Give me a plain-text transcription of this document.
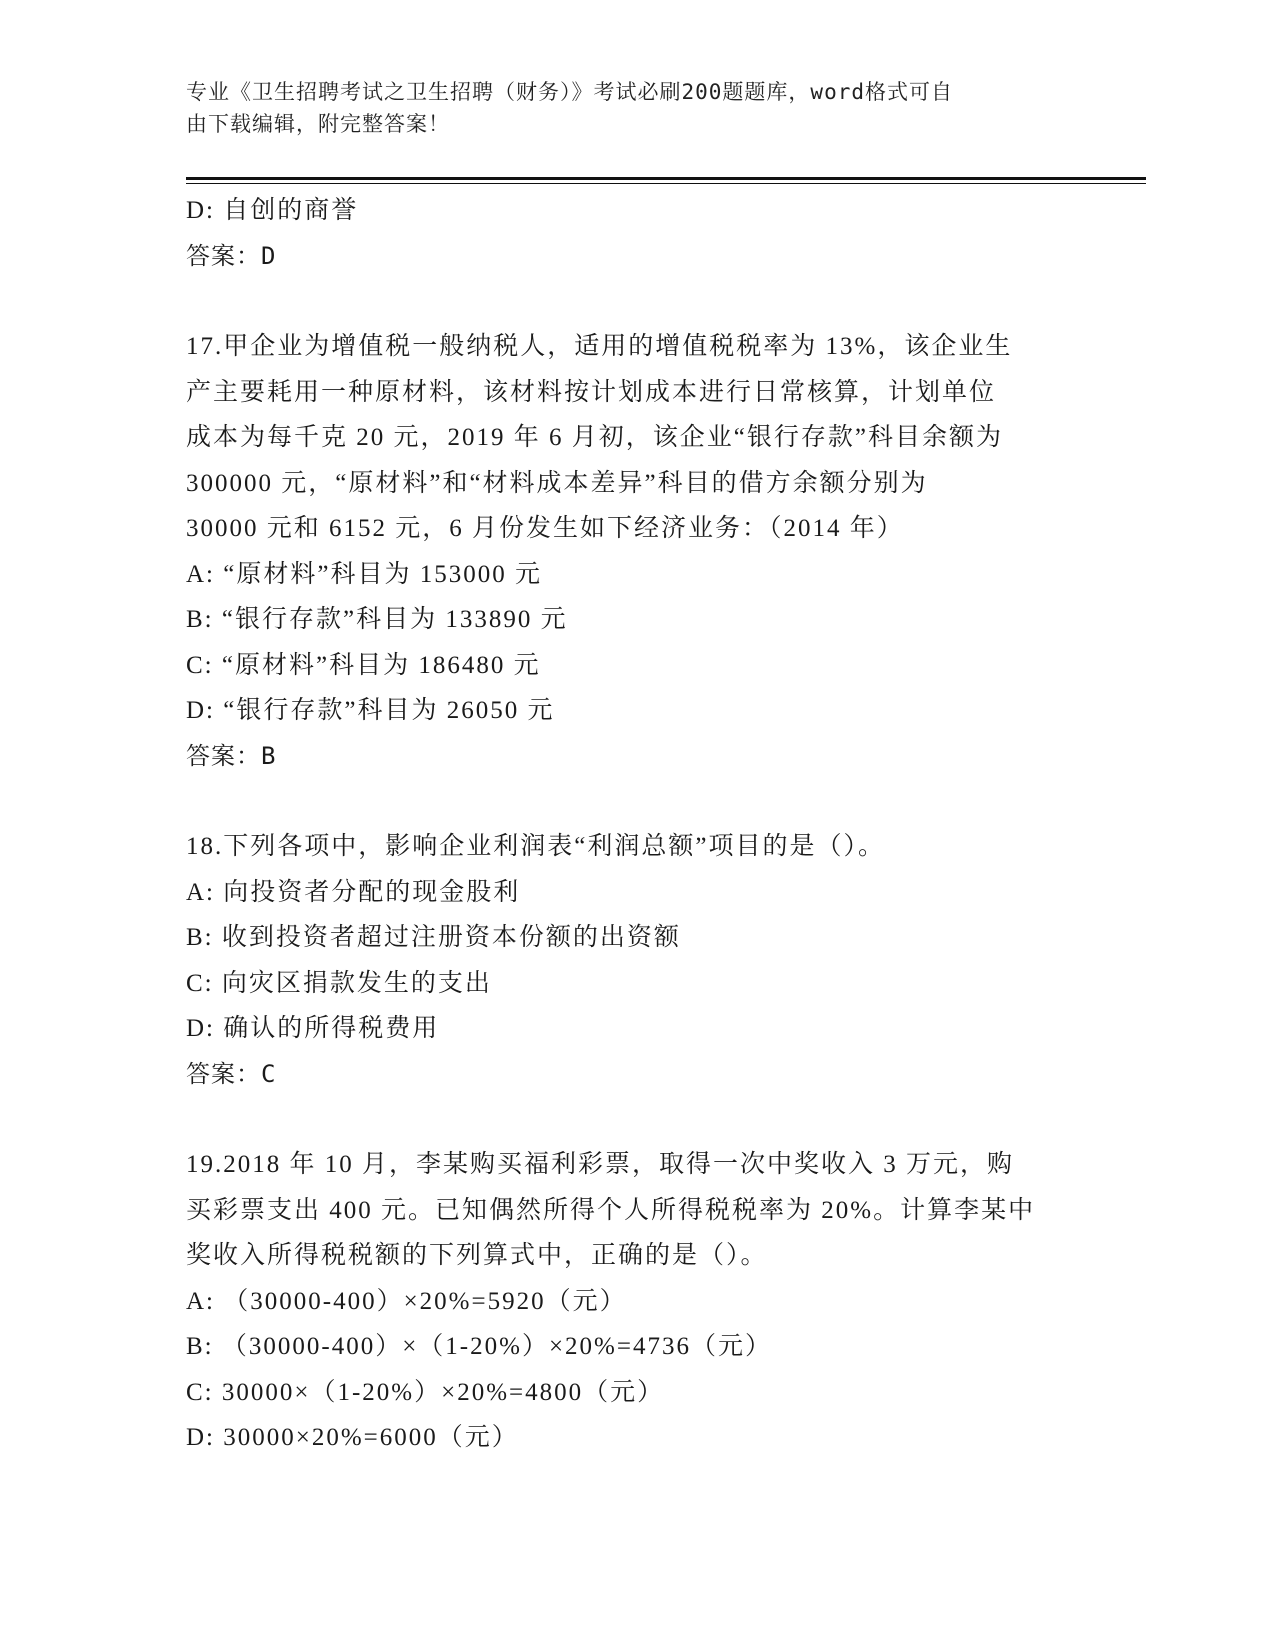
专业《卫生招聘考试之卫生招聘（财务）》考试必刷200题题库，word格式可自
由下载编辑，附完整答案！
D: 自创的商誉
答案：D
17.甲企业为增值税一般纳税人，适用的增值税税率为 13%，该企业生
产主要耗用一种原材料，该材料按计划成本进行日常核算，计划单位
成本为每千克 20 元，2019 年 6 月初，该企业“银行存款”科目余额为
300000 元，“原材料”和“材料成本差异”科目的借方余额分别为
30000 元和 6152 元，6 月份发生如下经济业务：（2014 年）
A: “原材料”科目为 153000 元
B: “银行存款”科目为 133890 元
C: “原材料”科目为 186480 元
D: “银行存款”科目为 26050 元
答案：B
18.下列各项中，影响企业利润表“利润总额”项目的是（）。
A: 向投资者分配的现金股利
B: 收到投资者超过注册资本份额的出资额
C: 向灾区捐款发生的支出
D: 确认的所得税费用
答案：C
19.2018 年 10 月，李某购买福利彩票，取得一次中奖收入 3 万元，购
买彩票支出 400 元。已知偶然所得个人所得税税率为 20%。计算李某中
奖收入所得税税额的下列算式中，正确的是（）。
A: （30000-400）×20%=5920（元）
B: （30000-400）×（1-20%）×20%=4736（元）
C: 30000×（1-20%）×20%=4800（元）
D: 30000×20%=6000（元）
